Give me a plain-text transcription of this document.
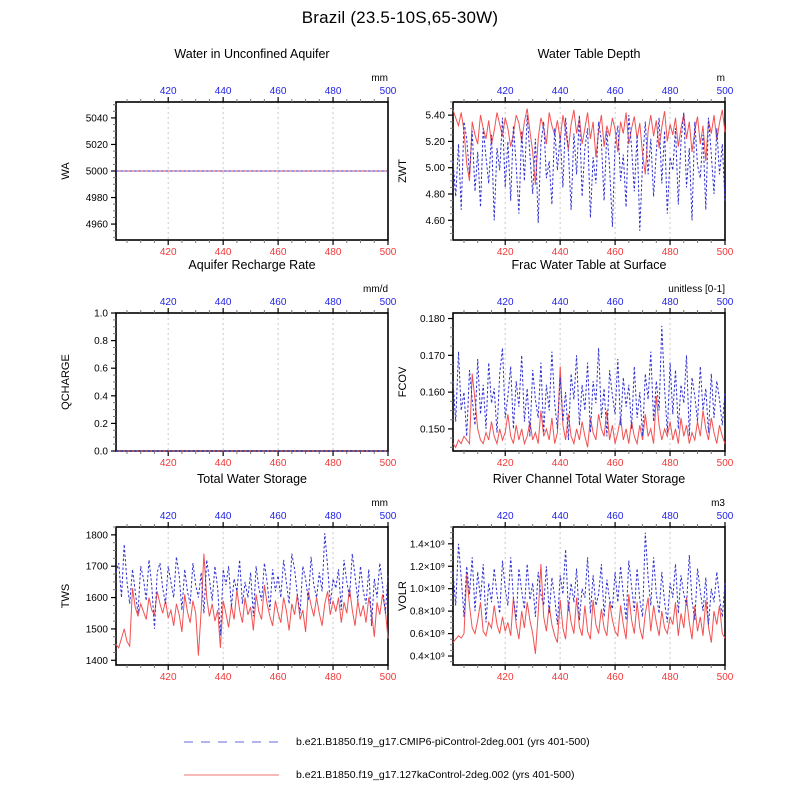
Brazil (23.5-10S,65-30W)
Water in Unconfined Aquifer
mm
WA
420
420
440
440
460
460
480
480
500
500
4960
4980
5000
5020
5040
Water Table Depth
m
ZWT
420
420
440
440
460
460
480
480
500
500
4.60
4.80
5.00
5.20
5.40
Aquifer Recharge Rate
mm/d
QCHARGE
420
420
440
440
460
460
480
480
500
500
0.0
0.2
0.4
0.6
0.8
1.0
Frac Water Table at Surface
unitless [0-1]
FCOV
420
420
440
440
460
460
480
480
500
500
0.150
0.160
0.170
0.180
Total Water Storage
mm
TWS
420
420
440
440
460
460
480
480
500
500
1400
1500
1600
1700
1800
River Channel Total Water Storage
m3
VOLR
420
420
440
440
460
460
480
480
500
500
0.4×10⁹
0.6×10⁹
0.8×10⁹
1.0×10⁹
1.2×10⁹
1.4×10⁹
b.e21.B1850.f19_g17.CMIP6-piControl-2deg.001 (yrs 401-500)
b.e21.B1850.f19_g17.127kaControl-2deg.002 (yrs 401-500)
